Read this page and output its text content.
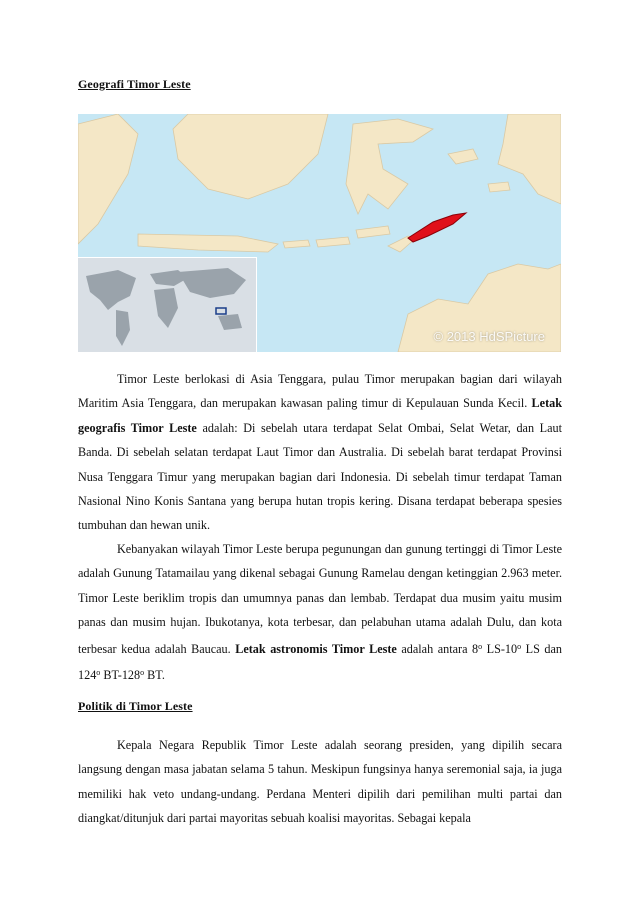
Geografi Timor Leste
© 2013 HdSPicture

Timor Leste berlokasi di Asia Tenggara, pulau Timor merupakan bagian dari wilayah Maritim Asia Tenggara, dan merupakan kawasan paling timur di Kepulauan Sunda Kecil. Letak geografis Timor Leste adalah: Di sebelah utara terdapat Selat Ombai, Selat Wetar, dan Laut Banda. Di sebelah selatan terdapat Laut Timor dan Australia. Di sebelah barat terdapat Provinsi Nusa Tenggara Timur yang merupakan bagian dari Indonesia. Di sebelah timur terdapat Taman Nasional Nino Konis Santana yang berupa hutan tropis kering. Disana terdapat beberapa spesies tumbuhan dan hewan unik.

Kebanyakan wilayah Timor Leste berupa pegunungan dan gunung tertinggi di Timor Leste adalah Gunung Tatamailau yang dikenal sebagai Gunung Ramelau dengan ketinggian 2.963 meter. Timor Leste beriklim tropis dan umumnya panas dan lembab. Terdapat dua musim yaitu musim panas dan musim hujan. Ibukotanya, kota terbesar, dan pelabuhan utama adalah Dulu, dan kota terbesar kedua adalah Baucau. Letak astronomis Timor Leste adalah antara 8$^o$ LS-10$^o$ LS dan 124$^o$ BT-128$^o$ BT.

Politik di Timor Leste

Kepala Negara Republik Timor Leste adalah seorang presiden, yang dipilih secara langsung dengan masa jabatan selama 5 tahun. Meskipun fungsinya hanya seremonial saja, ia juga memiliki hak veto undang-undang. Perdana Menteri dipilih dari pemilihan multi partai dan diangkat/ditunjuk dari partai mayoritas sebuah koalisi mayoritas. Sebagai kepala
